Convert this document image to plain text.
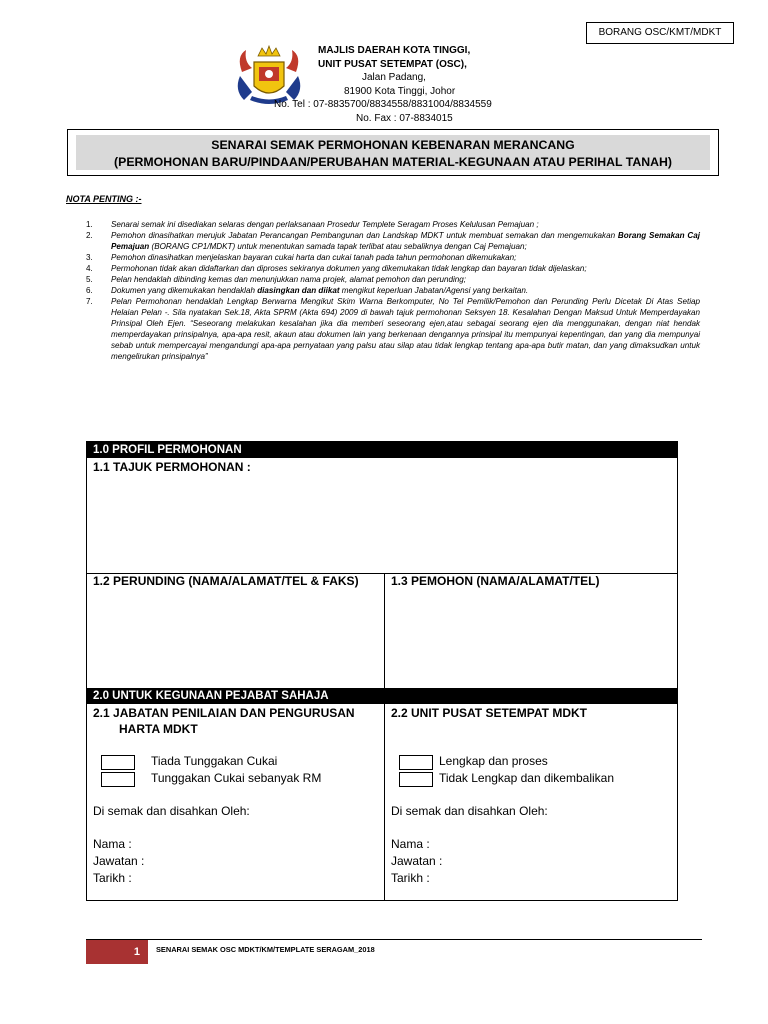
BORANG OSC/KMT/MDKT
MAJLIS DAERAH KOTA TINGGI,
UNIT PUSAT SETEMPAT (OSC),
Jalan Padang,
81900 Kota Tinggi, Johor
No. Tel : 07-8835700/8834558/8831004/8834559
No. Fax : 07-8834015
SENARAI SEMAK PERMOHONAN KEBENARAN MERANCANG
(PERMOHONAN BARU/PINDAAN/PERUBAHAN MATERIAL-KEGUNAAN ATAU PERIHAL TANAH)
NOTA PENTING :-
1. Senarai semak ini disediakan selaras dengan perlaksanaan Prosedur Templete Seragam Proses Kelulusan Pemajuan ;
2. Pemohon dinasihatkan merujuk Jabatan Perancangan Pembangunan dan Landskap MDKT untuk membuat semakan dan mengemukakan Borang Semakan Caj Pemajuan (BORANG CP1/MDKT) untuk menentukan samada tapak terlibat atau sebaliknya dengan Caj Pemajuan;
3. Pemohon dinasihatkan menjelaskan bayaran cukai harta dan cukai tanah pada tahun permohonan dikemukakan;
4. Permohonan tidak akan didaftarkan dan diproses sekiranya dokumen yang dikemukakan tidak lengkap dan bayaran tidak dijelaskan;
5. Pelan hendaklah dibinding kemas dan menunjukkan nama projek, alamat pemohon dan perunding;
6. Dokumen yang dikemukakan hendaklah diasingkan dan diikat mengikut keperluan Jabatan/Agensi yang berkaitan.
7. Pelan Permohonan hendaklah Lengkap Berwarna Mengikut Skim Warna Berkomputer, No Tel Pemilik/Pemohon dan Perunding Perlu Dicetak Di Atas Setiap Helaian Pelan -. Sila nyatakan Sek.18, Akta SPRM (Akta 694) 2009 di bawah tajuk permohonan Seksyen 18. Kesalahan Dengan Maksud Untuk Memperdayakan Prinsipal Oleh Ejen. “Seseorang melakukan kesalahan jika dia memberi seseorang ejen,atau sebagai seorang ejen dia menggunakan, dengan niat hendak memperdayakan prinsipalnya, apa-apa resit, akaun atau dokumen lain yang berkenaan dengannya prinsipal itu mempunyai kepentingan, dan yang dia mempunyai sebab untuk mempercayai mengandungi apa-apa pernyataan yang palsu atau silap atau tidak lengkap tentang apa-apa butir matan, dan yang dimaksudkan untuk mengelirukan prinsipalnya”
1.0 PROFIL PERMOHONAN
1.1 TAJUK PERMOHONAN :
1.2 PERUNDING (NAMA/ALAMAT/TEL & FAKS)	1.3 PEMOHON (NAMA/ALAMAT/TEL)
2.0 UNTUK KEGUNAAN PEJABAT SAHAJA
2.1 JABATAN PENILAIAN DAN PENGURUSAN
HARTA MDKT
Tiada Tunggakan Cukai
Tunggakan Cukai sebanyak RM
Di semak dan disahkan Oleh:
Nama :
Jawatan :
Tarikh :
2.2 UNIT PUSAT SETEMPAT MDKT
Lengkap dan proses
Tidak Lengkap dan dikembalikan
Di semak dan disahkan Oleh:
Nama :
Jawatan :
Tarikh :
1	SENARAI SEMAK OSC MDKT/KM/TEMPLATE SERAGAM_2018
